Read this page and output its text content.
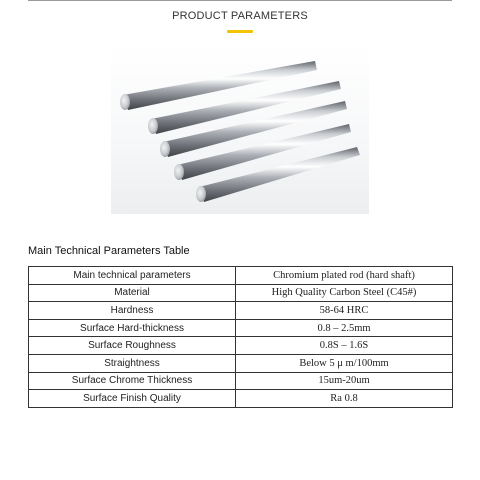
PRODUCT PARAMETERS
Main Technical Parameters Table
Main technical parameters	Chromium plated rod (hard shaft)
Material	High Quality Carbon Steel (C45#)
Hardness	58-64 HRC
Surface Hard-thickness	0.8 – 2.5mm
Surface Roughness	0.8S – 1.6S
Straightness	Below 5 μ m/100mm
Surface Chrome Thickness	15um-20um
Surface Finish Quality	Ra 0.8
